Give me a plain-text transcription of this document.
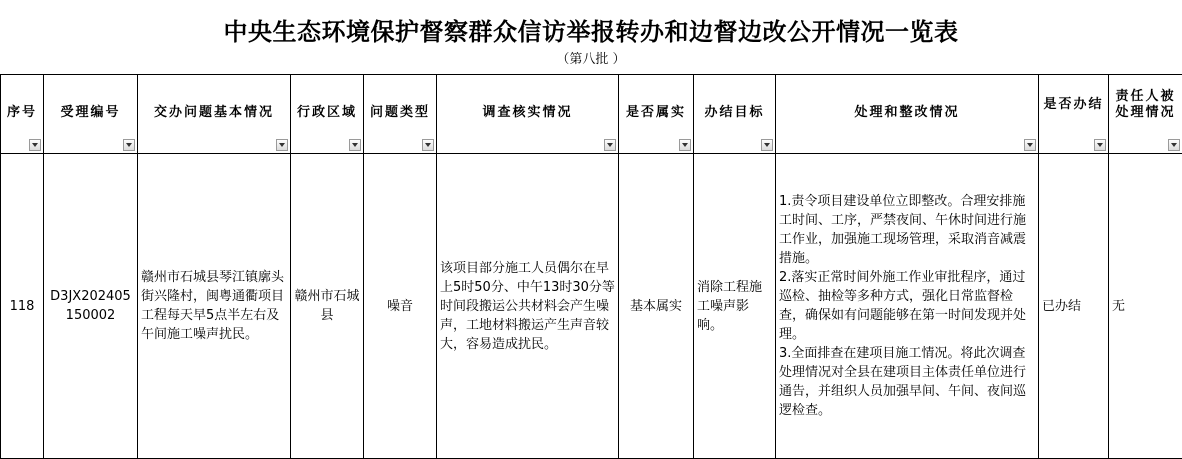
中央生态环境保护督察群众信访举报转办和边督边改公开情况一览表
（第八批 ）
序号	受理编号	交办问题基本情况	行政区域	问题类型	调查核实情况	是否属实	办结目标	处理和整改情况	是否办结	责任人被处理情况

118	D3JX202405150002	赣州市石城县琴江镇廓头街兴隆村，闽粤通衢项目工程每天早5点半左右及午间施工噪声扰民。	赣州市石城县	噪音	该项目部分施工人员偶尔在早上5时50分、中午13时30分等时间段搬运公共材料会产生噪声，工地材料搬运产生声音较大，容易造成扰民。	基本属实	消除工程施工噪声影响。	1.责令项目建设单位立即整改。合理安排施工时间、工序，严禁夜间、午休时间进行施工作业，加强施工现场管理，采取消音减震措施。
2.落实正常时间外施工作业审批程序，通过巡检、抽检等多种方式，强化日常监督检查，确保如有问题能够在第一时间发现并处理。
3.全面排查在建项目施工情况。将此次调查处理情况对全县在建项目主体责任单位进行通告，并组织人员加强早间、午间、夜间巡逻检查。	已办结	无
